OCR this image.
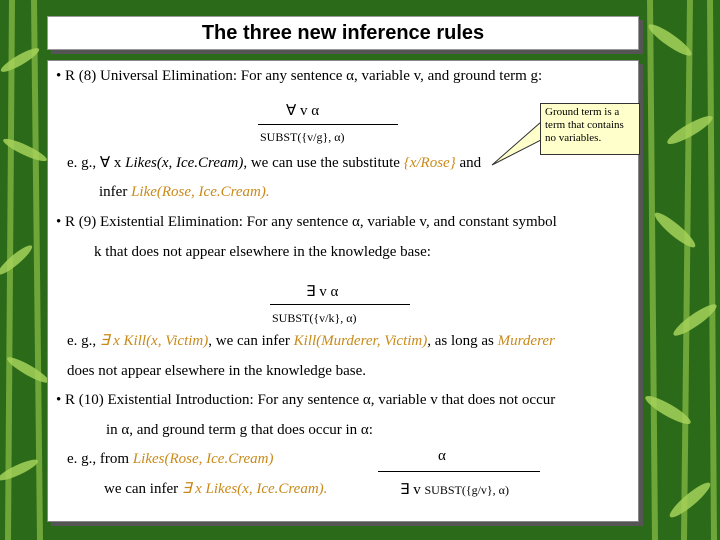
The three new inference rules
• R (8) Universal Elimination: For any sentence α, variable v, and ground term g:
∀ v α
SUBST({v/g}, α)
e. g., ∀ x Likes(x, Ice.Cream), we can use the substitute {x/Rose} and
infer Like(Rose, Ice.Cream).
Ground term is a term that contains no variables.
• R (9) Existential Elimination: For any sentence α, variable v, and constant symbol
k that does not appear elsewhere in the knowledge base:
∃ v α
SUBST({v/k}, α)
e. g., ∃ x Kill(x, Victim), we can infer Kill(Murderer, Victim), as long as Murderer
does not appear elsewhere in the knowledge base.
• R (10) Existential Introduction: For any sentence α, variable v that does not occur
in α, and ground term g that does occur in α:
e. g., from Likes(Rose, Ice.Cream)
we can infer ∃ x Likes(x, Ice.Cream).
α
∃ v SUBST({g/v}, α)
